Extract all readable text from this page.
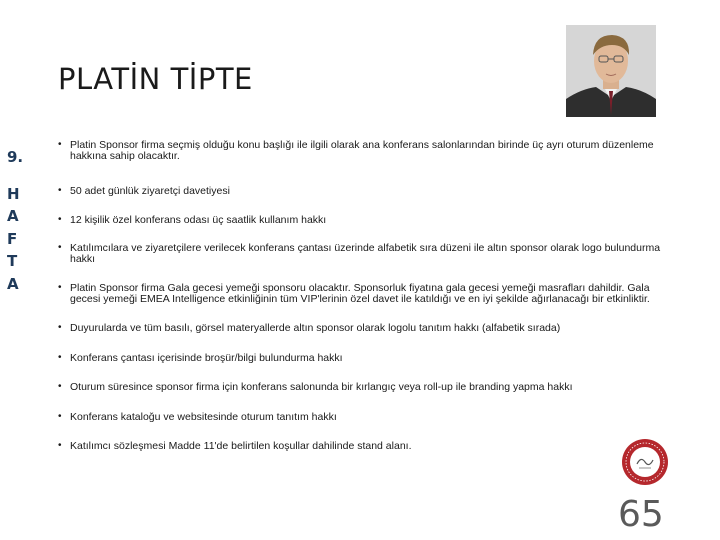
PLATİN TİPTE
9.
H
A
F
T
A
• Platin Sponsor firma seçmiş olduğu konu başlığı ile ilgili olarak ana konferans salonlarından birinde üç ayrı oturum düzenleme hakkına sahip olacaktır.
• 50 adet günlük ziyaretçi davetiyesi
• 12 kişilik özel konferans odası üç saatlik kullanım hakkı
• Katılımcılara ve ziyaretçilere verilecek konferans çantası üzerinde alfabetik sıra düzeni ile altın sponsor olarak logo bulundurma hakkı
• Platin Sponsor firma Gala gecesi yemeği sponsoru olacaktır. Sponsorluk fiyatına gala gecesi yemeği masrafları dahildir. Gala gecesi yemeği EMEA Intelligence etkinliğinin tüm VIP'lerinin özel davet ile katıldığı ve en iyi şekilde ağırlanacağı bir etkinliktir.
• Duyurularda ve tüm basılı, görsel materyallerde altın sponsor olarak logolu tanıtım hakkı (alfabetik sırada)
• Konferans çantası içerisinde broşür/bilgi bulundurma hakkı
• Oturum süresince sponsor firma için konferans salonunda bir kırlangıç veya roll-up ile branding yapma hakkı
• Konferans kataloğu ve websitesinde oturum tanıtım hakkı
• Katılımcı sözleşmesi Madde 11'de belirtilen koşullar dahilinde stand alanı.
65
